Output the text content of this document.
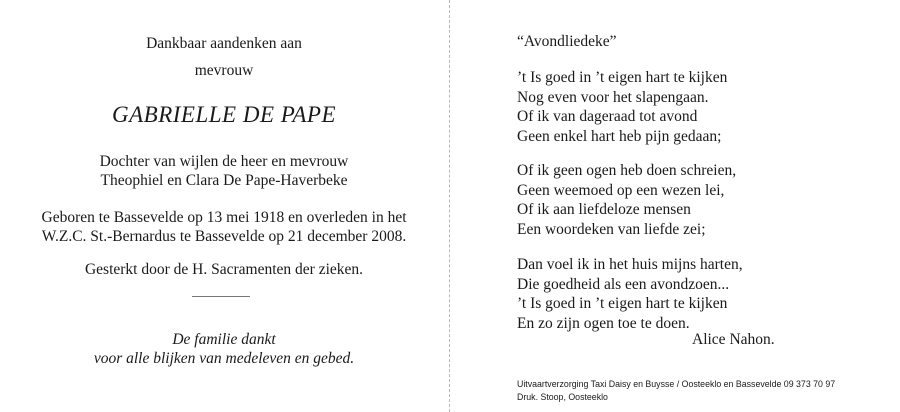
Dankbaar aandenken aan
mevrouw
GABRIELLE DE PAPE
Dochter van wijlen de heer en mevrouw
Theophiel en Clara De Pape-Haverbeke
Geboren te Bassevelde op 13 mei 1918 en overleden in het
W.Z.C. St.-Bernardus te Bassevelde op 21 december 2008.
Gesterkt door de H. Sacramenten der zieken.
De familie dankt
voor alle blijken van medeleven en gebed.
“Avondliedeke”
’t Is goed in ’t eigen hart te kijken
Nog even voor het slapengaan.
Of ik van dageraad tot avond
Geen enkel hart heb pijn gedaan;
Of ik geen ogen heb doen schreien,
Geen weemoed op een wezen lei,
Of ik aan liefdeloze mensen
Een woordeken van liefde zei;
Dan voel ik in het huis mijns harten,
Die goedheid als een avondzoen...
’t Is goed in ’t eigen hart te kijken
En zo zijn ogen toe te doen.
Alice Nahon.
Uitvaartverzorging Taxi Daisy en Buysse / Oosteeklo en Bassevelde 09 373 70 97
Druk. Stoop, Oosteeklo
